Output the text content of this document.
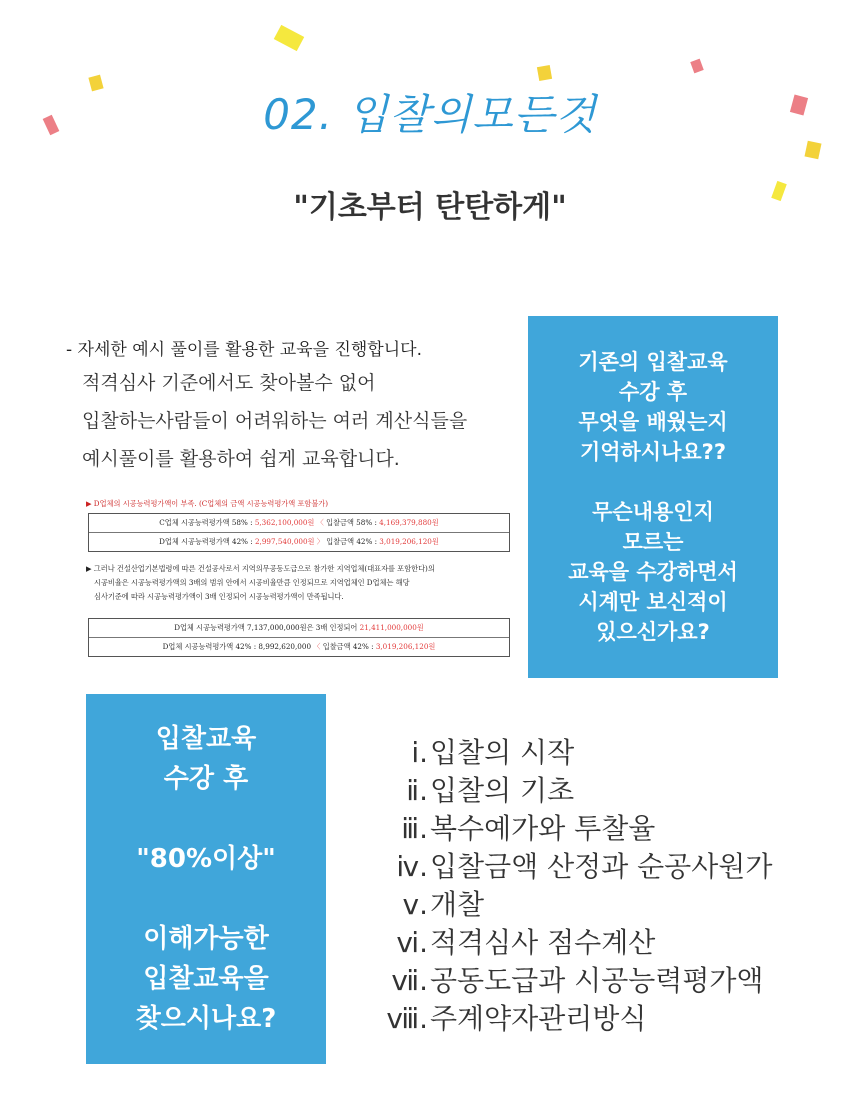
02. 입찰의모든것
"기초부터 탄탄하게"
- 자세한 예시 풀이를 활용한 교육을 진행합니다.
적격심사 기준에서도 찾아볼수 없어
입찰하는사람들이 어려워하는 여러 계산식들을
예시풀이를 활용하여 쉽게 교육합니다.
▶ D업체의 시공능력평가액이 부족. (C업체의 금액 시공능력평가액 포함불가)
C업체 시공능력평가액 58% : 5,362,100,000원 〈 입찰금액 58% : 4,169,379,880원
D업체 시공능력평가액 42% : 2,997,540,000원 〉 입찰금액 42% : 3,019,206,120원
▶ 그러나 건설산업기본법령에 따른 건설공사로서 지역의무공동도급으로 참가한 지역업체(대표자를 포함한다)의
시공비율은 시공능력평가액의 3배의 범위 안에서 시공비율만큼 인정되므로 지역업체인 D업체는 해당
심사기준에 따라 시공능력평가액이 3배 인정되어 시공능력평가액이 만족됩니다.
D업체 시공능력평가액 7,137,000,000원은 3배 인정되어 21,411,000,000원
D업체 시공능력평가액 42% : 8,992,620,000 〈 입찰금액 42% : 3,019,206,120원
기존의 입찰교육
수강 후
무엇을 배웠는지
기억하시나요??
무슨내용인지
모르는
교육을 수강하면서
시계만 보신적이
있으신가요?
입찰교육
수강 후
"80%이상"
이해가능한
입찰교육을
찾으시나요?
ⅰ. 입찰의 시작
ⅱ. 입찰의 기초
ⅲ. 복수예가와 투찰율
ⅳ. 입찰금액 산정과 순공사원가
ⅴ. 개찰
ⅵ. 적격심사 점수계산
ⅶ. 공동도급과 시공능력평가액
ⅷ. 주계약자관리방식
